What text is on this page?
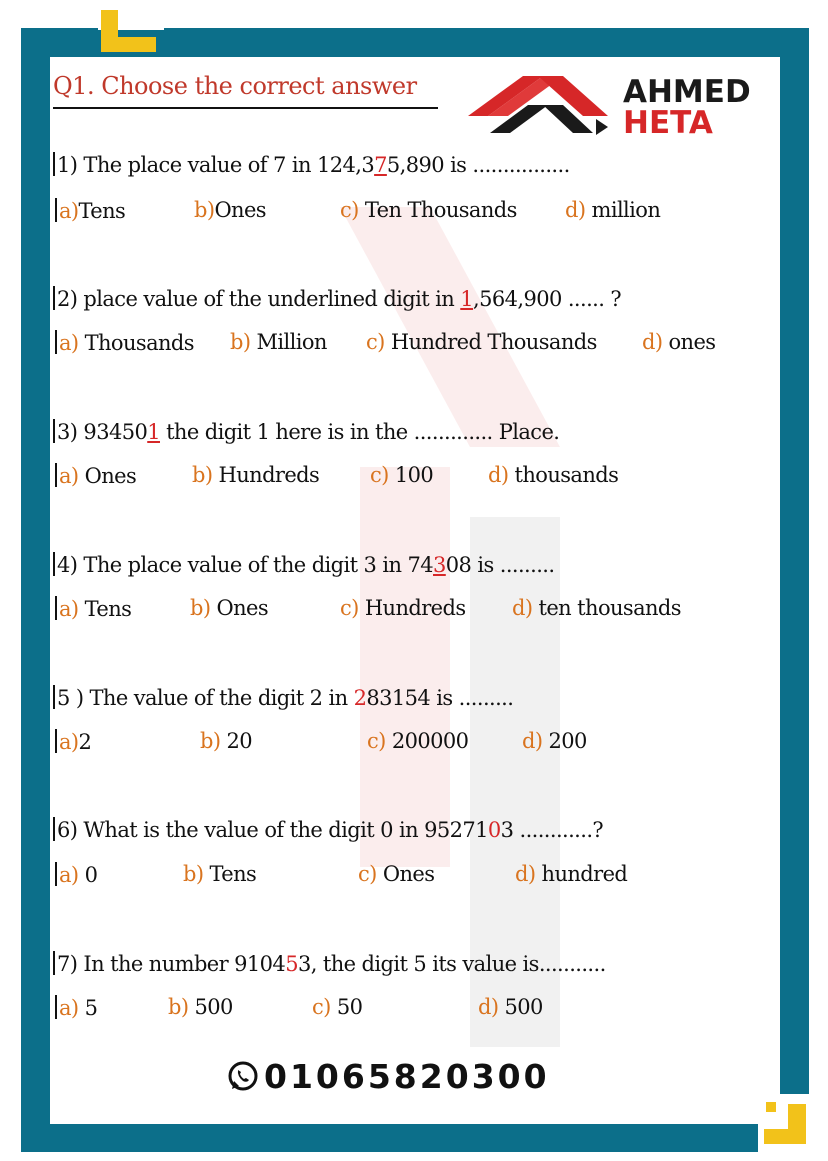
Q1. Choose the correct answer	AHMED
HETA
1) The place value of 7 in 124,375,890 is ................
a)Tens	b)Ones	c) Ten Thousands d) million
2) place value of the underlined digit in 1,564,900 ...... ?
a) Thousands b) Million c) Hundred Thousands d) ones
3) 934501 the digit 1 here is in the ............. Place.
a) Ones	b) Hundreds c) 100	d) thousands
4) The place value of the digit 3 in 74308 is .........
a) Tens	b) Ones	c) Hundreds d) ten thousands
5 ) The value of the digit 2 in 283154 is .........
a)2	b) 20	c) 200000	d) 200
6) What is the value of the digit 0 in 9527103 ............?
a) 0	b) Tens	c) Ones	d) hundred
7) In the number 910453, the digit 5 its value is...........
a) 5	b) 500	c) 50	d) 500
01065820300
